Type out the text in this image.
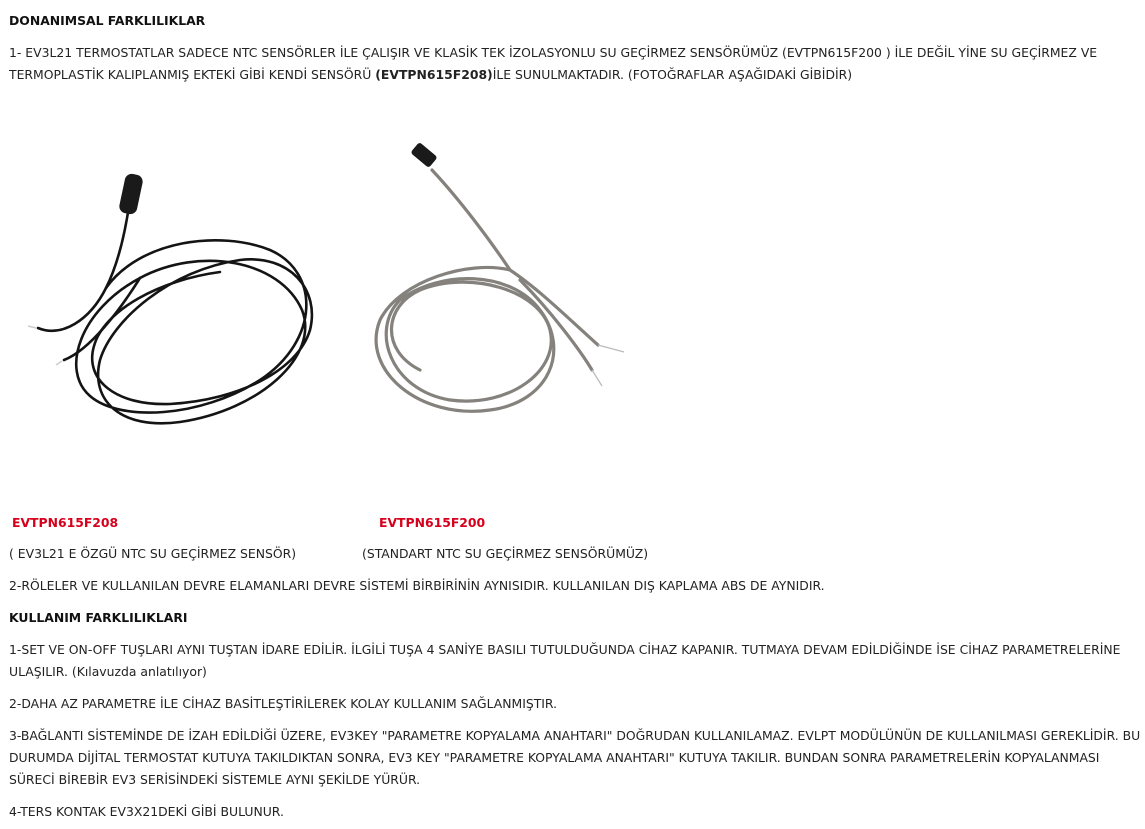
DONANIMSAL FARKLILIKLAR
1- EV3L21 TERMOSTATLAR SADECE NTC SENSÖRLER İLE ÇALIŞIR VE KLASİK TEK İZOLASYONLU SU GEÇİRMEZ SENSÖRÜMÜZ (EVTPN615F200 ) İLE DEĞİL YİNE SU GEÇİRMEZ VE
TERMOPLASTİK KALIPLANMIŞ EKTEKİ GİBİ KENDİ SENSÖRÜ (EVTPN615F208)İLE SUNULMAKTADIR. (FOTOĞRAFLAR AŞAĞIDAKİ GİBİDİR)
EVTPN615F208	EVTPN615F200
( EV3L21 E ÖZGÜ NTC SU GEÇİRMEZ SENSÖR)	(STANDART NTC SU GEÇİRMEZ SENSÖRÜMÜZ)
2-RÖLELER VE KULLANILAN DEVRE ELAMANLARI DEVRE SİSTEMİ BİRBİRİNİN AYNISIDIR. KULLANILAN DIŞ KAPLAMA ABS DE AYNIDIR.
KULLANIM FARKLILIKLARI
1-SET VE ON-OFF TUŞLARI AYNI TUŞTAN İDARE EDİLİR. İLGİLİ TUŞA 4 SANİYE BASILI TUTULDUĞUNDA CİHAZ KAPANIR. TUTMAYA DEVAM EDİLDİĞİNDE İSE CİHAZ PARAMETRELERİNE
ULAŞILIR. (Kılavuzda anlatılıyor)
2-DAHA AZ PARAMETRE İLE CİHAZ BASİTLEŞTİRİLEREK KOLAY KULLANIM SAĞLANMIŞTIR.
3-BAĞLANTI SİSTEMİNDE DE İZAH EDİLDİĞİ ÜZERE, EV3KEY "PARAMETRE KOPYALAMA ANAHTARI" DOĞRUDAN KULLANILAMAZ. EVLPT MODÜLÜNÜN DE KULLANILMASI GEREKLİDİR. BU
DURUMDA DİJİTAL TERMOSTAT KUTUYA TAKILDIKTAN SONRA, EV3 KEY "PARAMETRE KOPYALAMA ANAHTARI" KUTUYA TAKILIR. BUNDAN SONRA PARAMETRELERİN KOPYALANMASI
SÜRECİ BİREBİR EV3 SERİSİNDEKİ SİSTEMLE AYNI ŞEKİLDE YÜRÜR.
4-TERS KONTAK EV3X21DEKİ GİBİ BULUNUR.
